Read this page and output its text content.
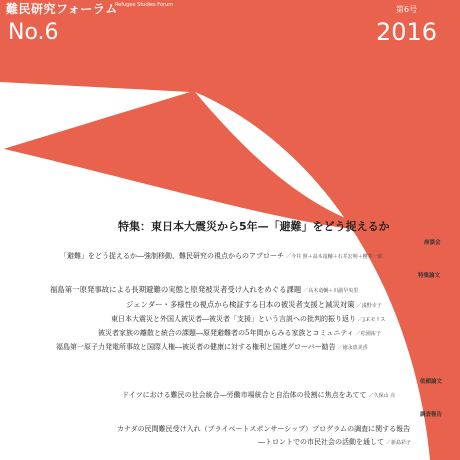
難民研究フォーラム
Refugee Studies Forum
No.6
第6号
2016
特集：東日本大震災から5年—「避難」をどう捉えるか
座談会
「避難」をどう捉えるか―強制移動、難民研究の視点からのアプローチ ／今井 照＋高木竜輔＋石井宏明＋櫻井一郎
特集論文
福島第一原発事故による長期避難の実態と原発被災者受け入れをめぐる課題 ／高木竜輔＋川副早央里
ジェンダー・多様性の視点から検証する日本の被災者支援と減災対策 ／浅野幸子
東日本大震災と外国人被災者―被災者「支援」という言説への批判的振り返り ／J.F.モリス
被災者家族の離散と統合の課題―原発避難者の5年間からみる家族とコミュニティ ／松園祐子
福島第一原子力発電所事故と国際人権―被災者の健康に対する権利と国連グローバー勧告 ／徳永恵美香
依頼論文
ドイツにおける難民の社会統合―労働市場統合と自治体の役割に焦点をあてて ／久保山 亮
調査報告
カナダの民間難民受け入れ（プライベートスポンサーシップ）プログラムの調査に関する報告
―トロントでの市民社会の活動を通して ／新島彩子
